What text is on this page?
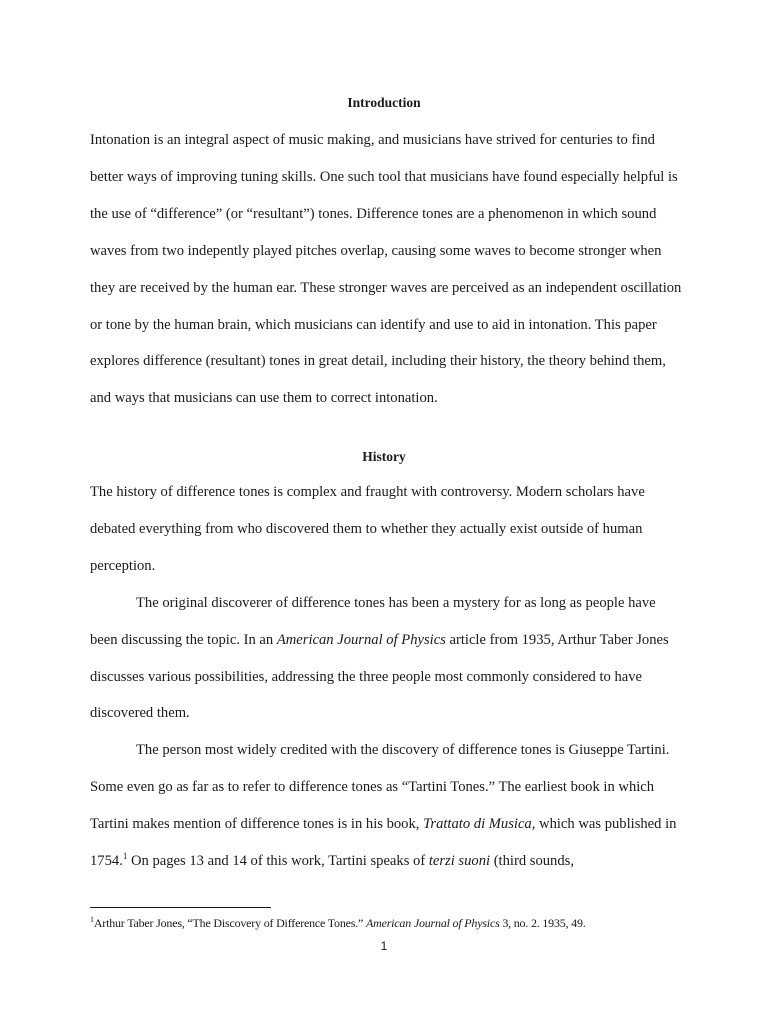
Introduction

Intonation is an integral aspect of music making, and musicians have strived for centuries to find better ways of improving tuning skills. One such tool that musicians have found especially helpful is the use of “difference” (or “resultant”) tones. Difference tones are a phenomenon in which sound waves from two indepently played pitches overlap, causing some waves to become stronger when they are received by the human ear. These stronger waves are perceived as an independent oscillation or tone by the human brain, which musicians can identify and use to aid in intonation. This paper explores difference (resultant) tones in great detail, including their history, the theory behind them, and ways that musicians can use them to correct intonation.

History

The history of difference tones is complex and fraught with controversy. Modern scholars have debated everything from who discovered them to whether they actually exist outside of human perception.

The original discoverer of difference tones has been a mystery for as long as people have been discussing the topic. In an American Journal of Physics article from 1935, Arthur Taber Jones discusses various possibilities, addressing the three people most commonly considered to have discovered them.

The person most widely credited with the discovery of difference tones is Giuseppe Tartini. Some even go as far as to refer to difference tones as “Tartini Tones.” The earliest book in which Tartini makes mention of difference tones is in his book, Trattato di Musica, which was published in 1754.$^1$ On pages 13 and 14 of this work, Tartini speaks of terzi suoni (third sounds,

$^1$Arthur Taber Jones, “The Discovery of Difference Tones.” American Journal of Physics 3, no. 2. 1935, 49.
1
